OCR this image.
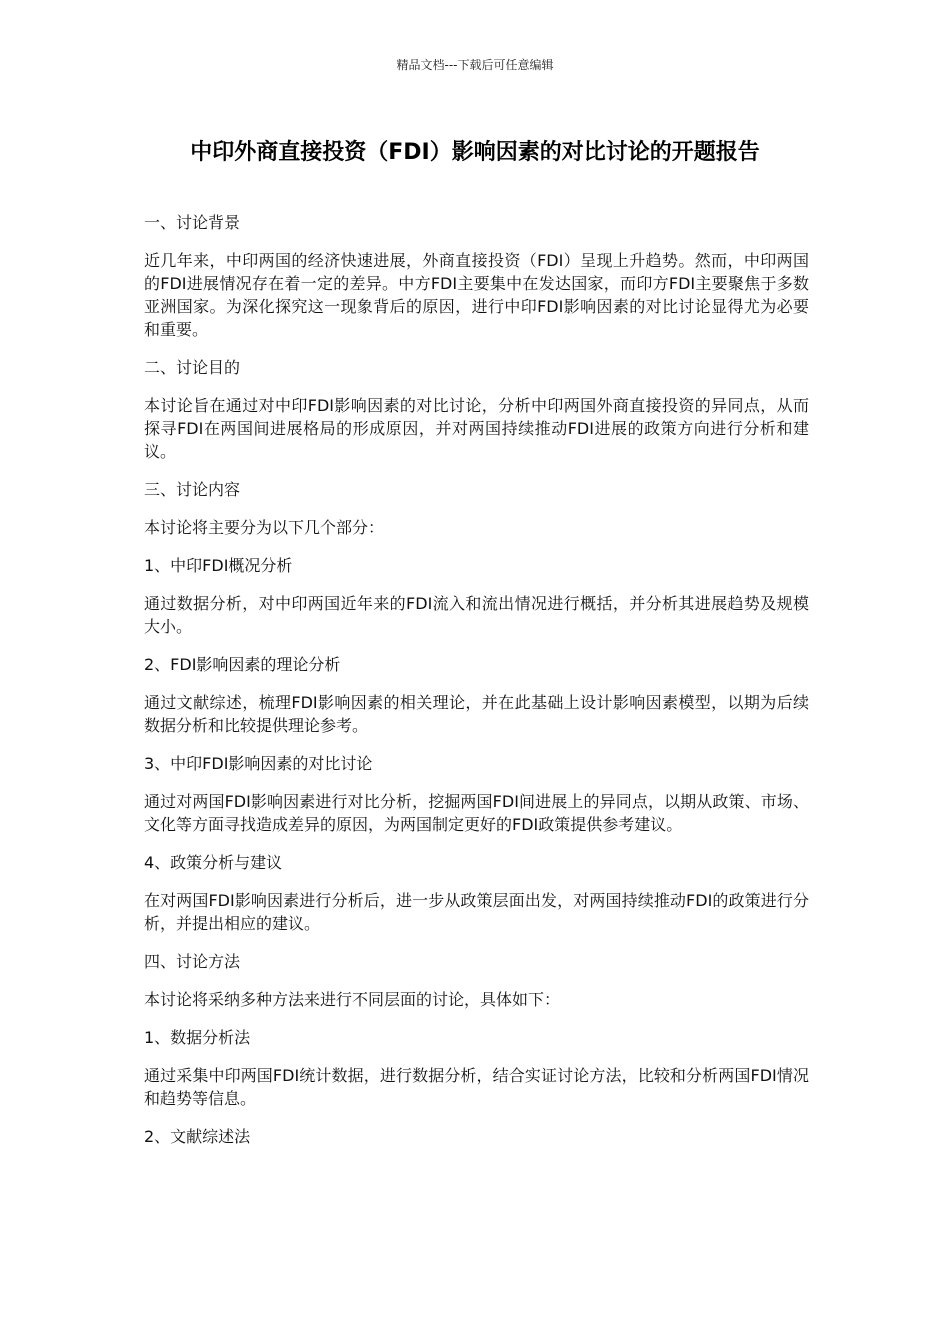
精品文档---下载后可任意编辑
中印外商直接投资（FDI）影响因素的对比讨论的开题报告

一、讨论背景

近几年来，中印两国的经济快速进展，外商直接投资（FDI）呈现上升趋势。然而，中印两国的FDI进展情况存在着一定的差异。中方FDI主要集中在发达国家，而印方FDI主要聚焦于多数亚洲国家。为深化探究这一现象背后的原因，进行中印FDI影响因素的对比讨论显得尤为必要和重要。

二、讨论目的

本讨论旨在通过对中印FDI影响因素的对比讨论，分析中印两国外商直接投资的异同点，从而探寻FDI在两国间进展格局的形成原因，并对两国持续推动FDI进展的政策方向进行分析和建议。

三、讨论内容

本讨论将主要分为以下几个部分：

1、中印FDI概况分析

通过数据分析，对中印两国近年来的FDI流入和流出情况进行概括，并分析其进展趋势及规模大小。

2、FDI影响因素的理论分析

通过文献综述，梳理FDI影响因素的相关理论，并在此基础上设计影响因素模型，以期为后续数据分析和比较提供理论参考。

3、中印FDI影响因素的对比讨论

通过对两国FDI影响因素进行对比分析，挖掘两国FDI间进展上的异同点，以期从政策、市场、文化等方面寻找造成差异的原因，为两国制定更好的FDI政策提供参考建议。

4、政策分析与建议

在对两国FDI影响因素进行分析后，进一步从政策层面出发，对两国持续推动FDI的政策进行分析，并提出相应的建议。

四、讨论方法

本讨论将采纳多种方法来进行不同层面的讨论，具体如下：

1、数据分析法

通过采集中印两国FDI统计数据，进行数据分析，结合实证讨论方法，比较和分析两国FDI情况和趋势等信息。

2、文献综述法
